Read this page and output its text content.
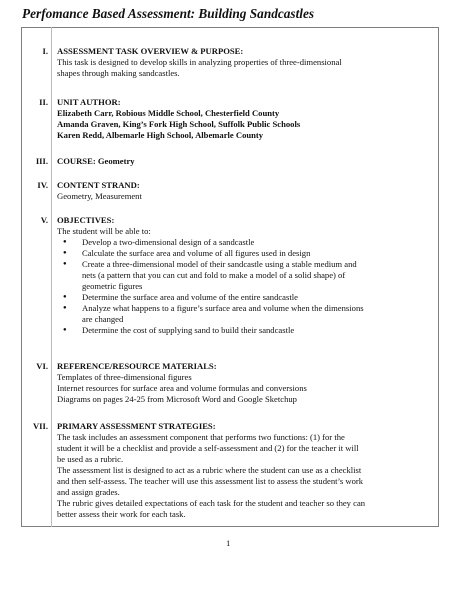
Perfomance Based Assessment: Building Sandcastles
I. ASSESSMENT TASK OVERVIEW & PURPOSE:
This task is designed to develop skills in analyzing properties of three-dimensional
shapes through making sandcastles.
II. UNIT AUTHOR:
Elizabeth Carr, Robious Middle School, Chesterfield County
Amanda Graven, King’s Fork High School, Suffolk Public Schools
Karen Redd, Albemarle High School, Albemarle County
III. COURSE: Geometry
IV. CONTENT STRAND:
Geometry, Measurement
V. OBJECTIVES:
The student will be able to:
● Develop a two-dimensional design of a sandcastle
● Calculate the surface area and volume of all figures used in design
● Create a three-dimensional model of their sandcastle using a stable medium and
nets (a pattern that you can cut and fold to make a model of a solid shape) of
geometric figures
● Determine the surface area and volume of the entire sandcastle
● Analyze what happens to a figure’s surface area and volume when the dimensions
are changed
● Determine the cost of supplying sand to build their sandcastle
VI. REFERENCE/RESOURCE MATERIALS:
Templates of three-dimensional figures
Internet resources for surface area and volume formulas and conversions
Diagrams on pages 24-25 from Microsoft Word and Google Sketchup
VII. PRIMARY ASSESSMENT STRATEGIES:
The task includes an assessment component that performs two functions: (1) for the
student it will be a checklist and provide a self-assessment and (2) for the teacher it will
be used as a rubric.
The assessment list is designed to act as a rubric where the student can use as a checklist
and then self-assess. The teacher will use this assessment list to assess the student’s work
and assign grades.
The rubric gives detailed expectations of each task for the student and teacher so they can
better assess their work for each task.
1
